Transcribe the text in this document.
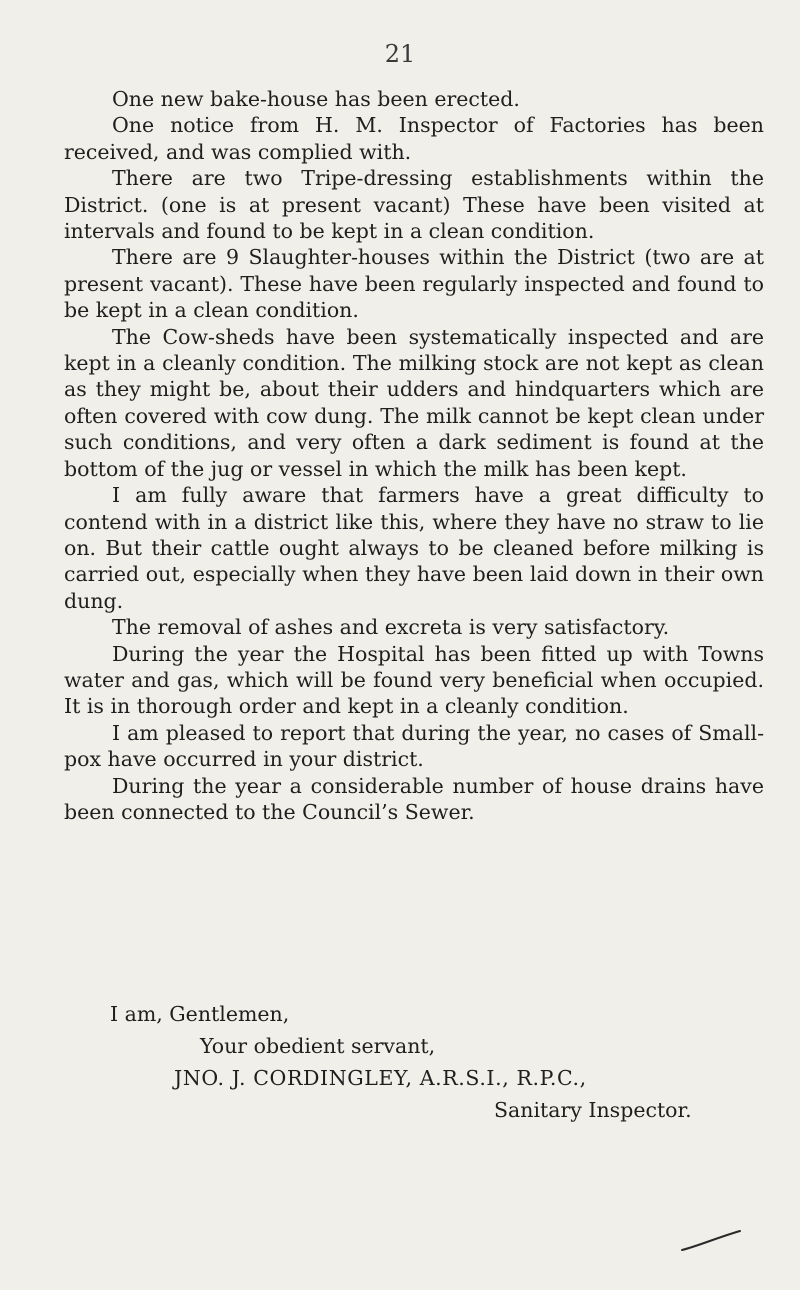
21

One new bake-house has been erected.

One notice from H. M. Inspector of Factories has been received, and was complied with.

There are two Tripe-dressing establishments within the District. (one is at present vacant) These have been visited at intervals and found to be kept in a clean condition.

There are 9 Slaughter-houses within the District (two are at present vacant). These have been regularly inspected and found to be kept in a clean condition.

The Cow-sheds have been systematically inspected and are kept in a cleanly condition. The milking stock are not kept as clean as they might be, about their udders and hindquarters which are often covered with cow dung. The milk cannot be kept clean under such conditions, and very often a dark sediment is found at the bottom of the jug or vessel in which the milk has been kept.

I am fully aware that farmers have a great difficulty to contend with in a district like this, where they have no straw to lie on. But their cattle ought always to be cleaned before milking is carried out, especially when they have been laid down in their own dung.

The removal of ashes and excreta is very satisfactory.

During the year the Hospital has been fitted up with Towns water and gas, which will be found very beneficial when occupied. It is in thorough order and kept in a cleanly condition.

I am pleased to report that during the year, no cases of Small-pox have occurred in your district.

During the year a considerable number of house drains have been connected to the Council’s Sewer.

I am, Gentlemen,
Your obedient servant,
JNO. J. CORDINGLEY, A.R.S.I., R.P.C.,
Sanitary Inspector.
